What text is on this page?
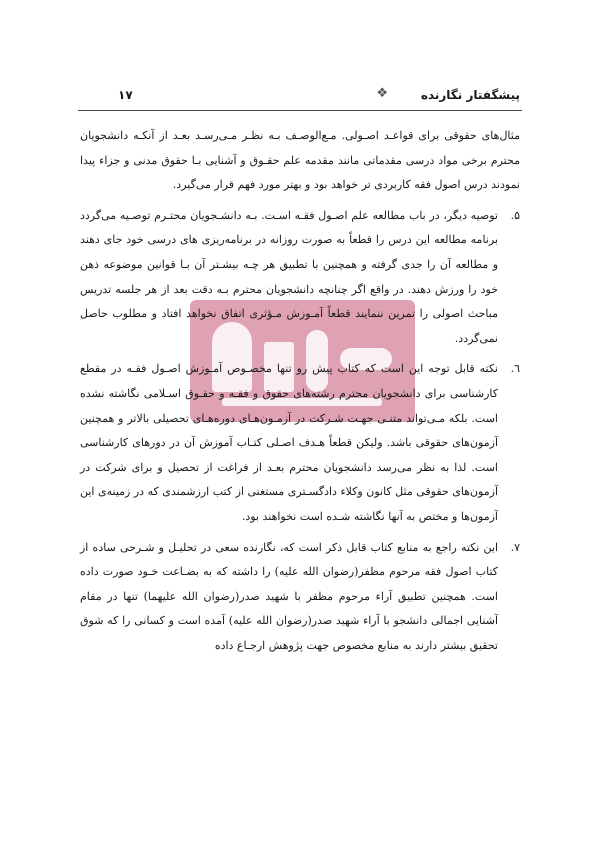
پیشگفتار نگارنده
❖
۱۷

مثال‌های حقوقی برای قواعـد اصـولی. مـع‌الوصـف بـه نظـر مـی‌رسـد بعـد از آنکـه دانشجویان محترم برخی مواد درسی مقدماتی مانند مقدمه علم حقـوق و آشنایی بـا حقوق مدنی و جزاء پیدا نمودند درس اصول فقه کاربردی تر خواهد بود و بهتر مورد فهم قرار می‌گیرد.

۵.

توصیه دیگر، در باب مطالعه علم اصـول فقـه اسـت. بـه دانشـجویان محتـرم توصـیه می‌گردد برنامه مطالعه این درس را قطعاً به صورت روزانه در برنامه‌ریزی های درسی خود جای دهند و مطالعه آن را جدی گرفته و همچنین با تطبیق هر چـه بیشـتر آن بـا قوانین موضوعه ذهن خود را ورزش دهند. در واقع اگر چنانچه دانشجویان محترم بـه دقت بعد از هر جلسه تدریس مباحث اصولی را تمرین ننمایند قطعاً آمـوزش مـؤثری اتفاق نخواهد افتاد و مطلوب حاصل نمی‌گردد.

٦.

نکته قابل توجه این است که کتاب پیش رو تنها مخصـوص آمـوزش اصـول فقـه در مقطع کارشناسی برای دانشجویان محترم رشته‌های حقوق و فقـه و حقـوق اسـلامی نگاشته نشده است. بلکه مـی‌تواند متنـی جهـت شـرکت در آزمـون‌هـای دوره‌هـای تحصیلی بالاتر و همچنین آزمون‌های حقوقی باشد. ولیکن قطعاً هـدف اصـلی کتـاب آموزش آن در دورهای کارشناسی است. لذا به نظر می‌رسد دانشجویان محترم بعـد از فراغت از تحصیل و برای شرکت در آزمون‌های حقوقی مثل کانون وکلاء دادگسـتری مستغنی از کتب ارزشمندی که در زمینه‌ی این آزمون‌ها و مختص به آنها نگاشته شـده است نخواهند بود.

۷.

این نکته راجع به منابع کتاب قابل ذکر است که، نگارنده سعی در تحلیـل و شـرحی ساده از کتاب اصول فقه مرحوم مظفر(رضوان الله علیه) را داشته که به بضـاعت خـود صورت داده است. همچنین تطبیق آراء مرحوم مظفر با شهید صدر(رضوان الله علیهما) تنها در مقام آشنایی اجمالی دانشجو با آراء شهید صدر(رضوان الله علیه) آمده است و کسانی را که شوق تحقیق بیشتر دارند به منابع مخصوص جهت پژوهش ارجـاع داده
